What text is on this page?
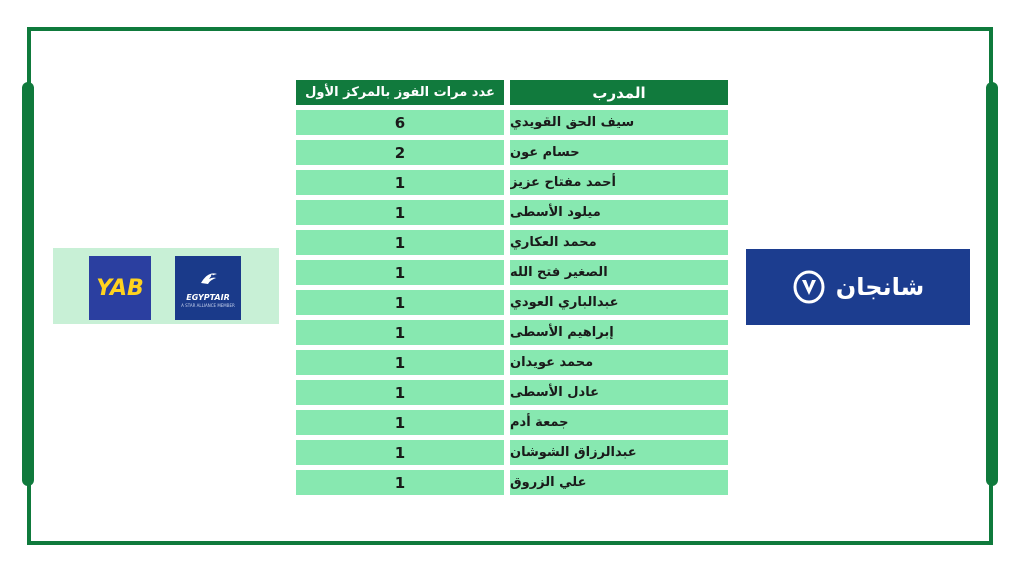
عدد مرات الفوز بالمركز الأول	المدرب
6	سيف الحق القويدي
2	حسام عون
1	أحمد مفتاح عزيز
1	ميلود الأسطى
1	محمد العكاري
1	الصغير فتح الله
1	عبدالباري العودي
1	إبراهيم الأسطى
1	محمد عويدان
1	عادل الأسطى
1	جمعة أدم
1	عبدالرزاق الشوشان
1	علي الزروق
YAB	EGYPTAIR
A STAR ALLIANCE MEMBER
شانجان
